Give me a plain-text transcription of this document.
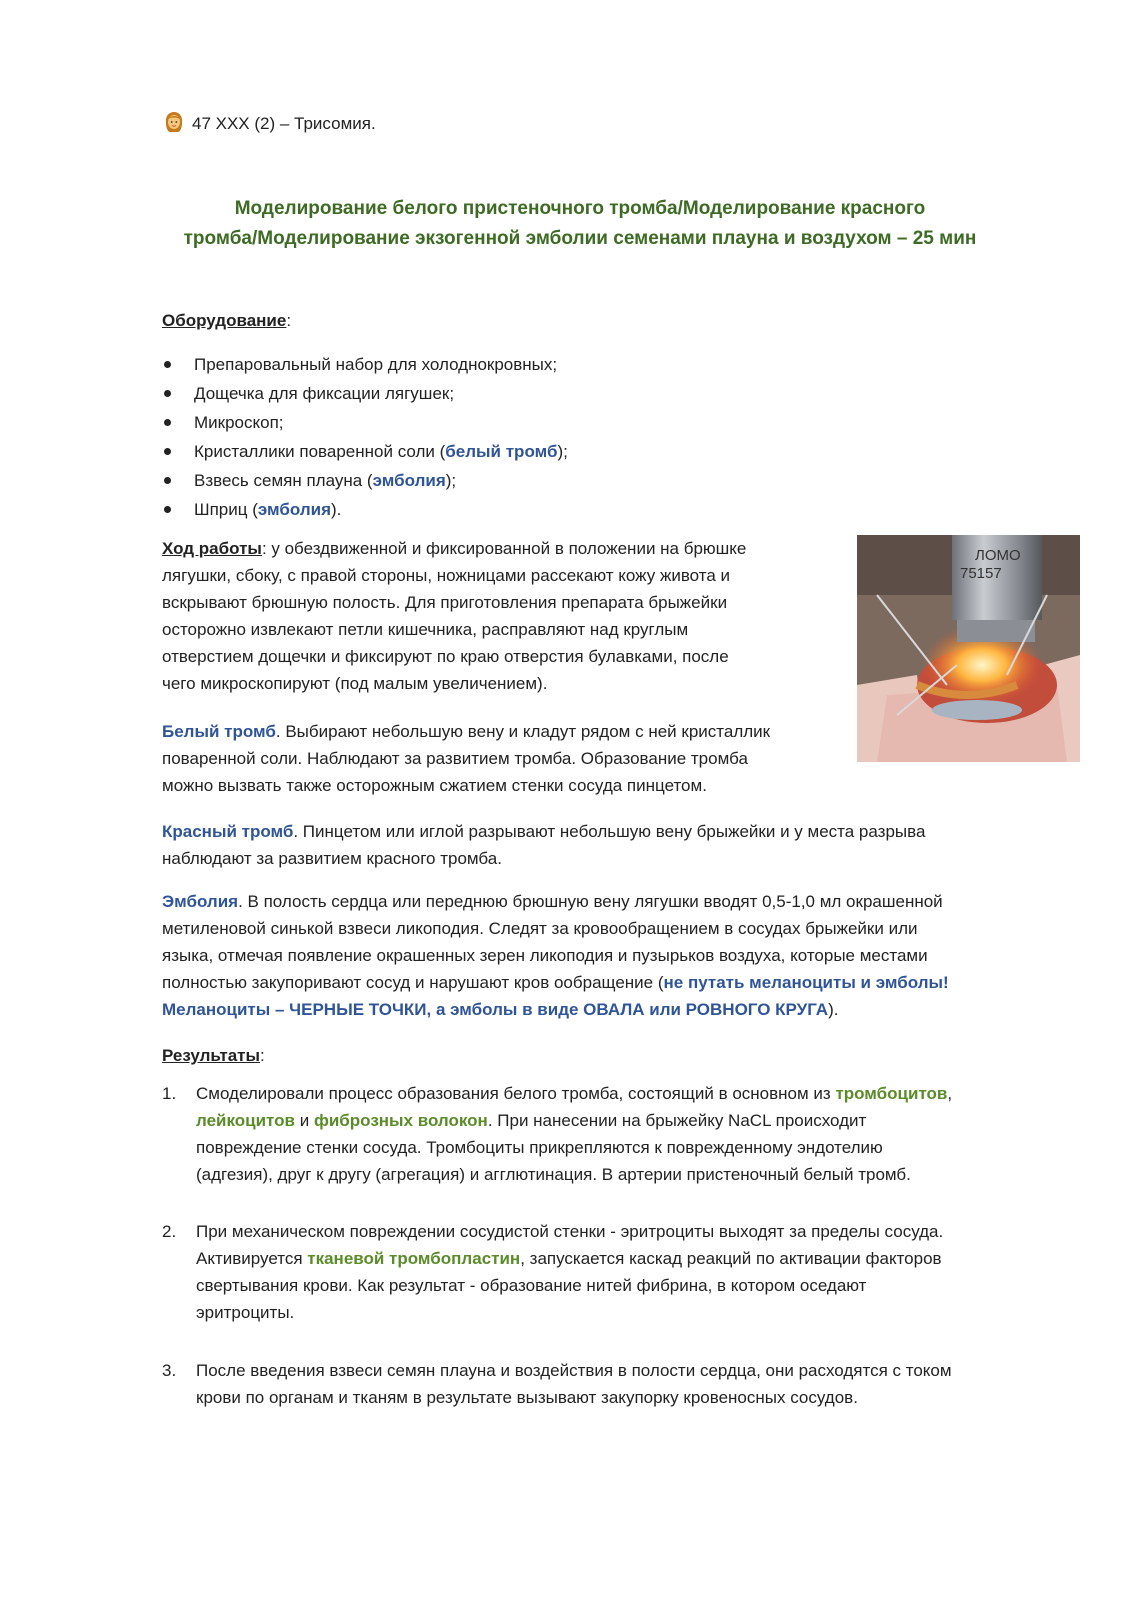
47 XXX (2) – Трисомия.
Моделирование белого пристеночного тромба/Моделирование красного
тромба/Моделирование экзогенной эмболии семенами плауна и воздухом – 25 мин
Оборудование:
Препаровальный набор для холоднокровных;
Дощечка для фиксации лягушек;
Микроскоп;
Кристаллики поваренной соли (белый тромб);
Взвесь семян плауна (эмболия);
Шприц (эмболия).
Ход работы: у обездвиженной и фиксированной в положении на брюшке
лягушки, сбоку, с правой стороны, ножницами рассекают кожу живота и
вскрывают брюшную полость. Для приготовления препарата брыжейки
осторожно извлекают петли кишечника, расправляют над круглым
отверстием дощечки и фиксируют по краю отверстия булавками, после
чего микроскопируют (под малым увеличением).
ЛОМО
75157
Белый тромб. Выбирают небольшую вену и кладут рядом с ней кристаллик
поваренной соли. Наблюдают за развитием тромба. Образование тромба
можно вызвать также осторожным сжатием стенки сосуда пинцетом.
Красный тромб. Пинцетом или иглой разрывают небольшую вену брыжейки и у места разрыва
наблюдают за развитием красного тромба.
Эмболия. В полость сердца или переднюю брюшную вену лягушки вводят 0,5-1,0 мл окрашенной
метиленовой синькой взвеси ликоподия. Следят за кровообращением в сосудах брыжейки или
языка, отмечая появление окрашенных зерен ликоподия и пузырьков воздуха, которые местами
полностью закупоривают сосуд и нарушают кров ообращение (не путать меланоциты и эмболы!
Меланоциты – ЧЕРНЫЕ ТОЧКИ, а эмболы в виде ОВАЛА или РОВНОГО КРУГА).
Результаты:
1. Смоделировали процесс образования белого тромба, состоящий в основном из тромбоцитов,
лейкоцитов и фиброзных волокон. При нанесении на брыжейку NaCL происходит
повреждение стенки сосуда. Тромбоциты прикрепляются к поврежденному эндотелию
(адгезия), друг к другу (агрегация) и агглютинация. В артерии пристеночный белый тромб.
2. При механическом повреждении сосудистой стенки - эритроциты выходят за пределы сосуда.
Активируется тканевой тромбопластин, запускается каскад реакций по активации факторов
свертывания крови. Как результат - образование нитей фибрина, в котором оседают
эритроциты.
3. После введения взвеси семян плауна и воздействия в полости сердца, они расходятся с током
крови по органам и тканям в результате вызывают закупорку кровеносных сосудов.
